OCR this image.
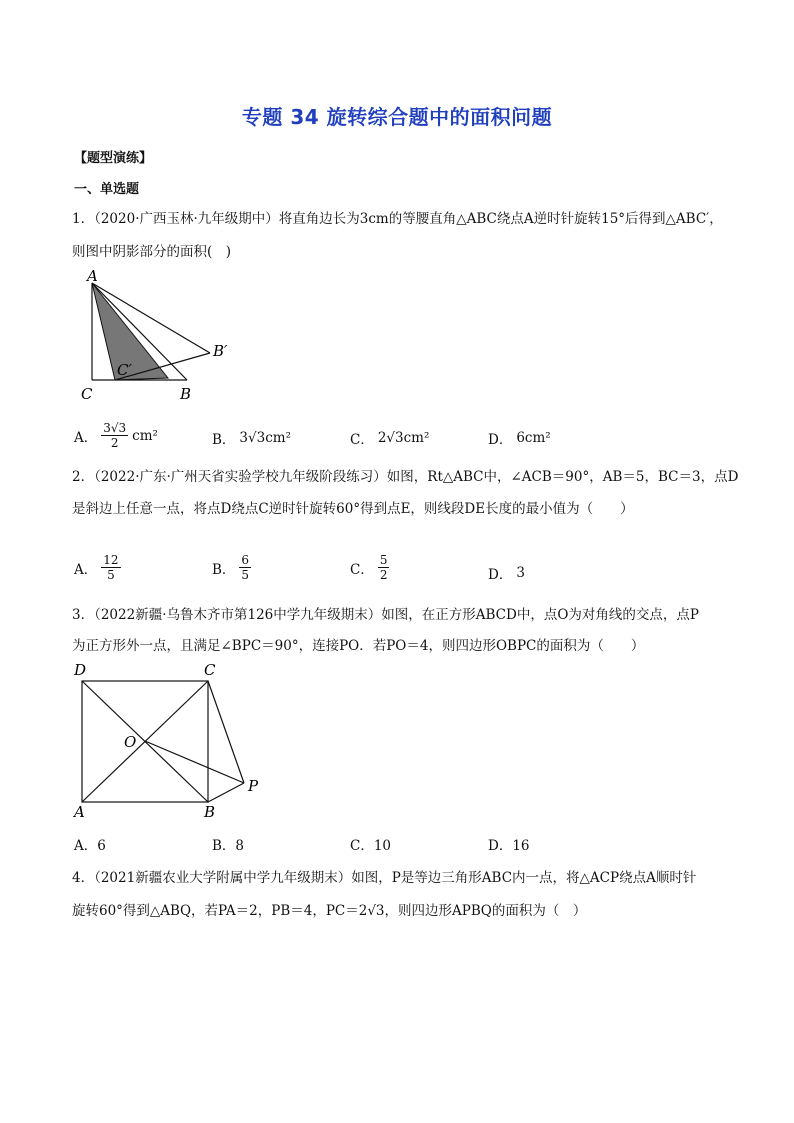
专题 34 旋转综合题中的面积问题
【题型演练】
一、单选题
1．（2020·广西玉林·九年级期中）将直角边长为3cm的等腰直角△ABC绕点A逆时针旋转15°后得到△ABC′，
则图中阴影部分的面积(　)
A
C	B
B′
C′
A． $\frac{3√3}{2} cm^2$	B． 3√3cm²	C． 2√3cm²	D． 6cm²
2．（2022·广东·广州天省实验学校九年级阶段练习）如图，Rt△ABC中，∠ACB＝90°，AB＝5，BC＝3，点D
是斜边上任意一点，将点D绕点C逆时针旋转60°得到点E，则线段DE长度的最小值为（　　）
A． $\frac{12}{5}$	B． $\frac{6}{5}$	C． $\frac{5}{2}$	D． 3
3．（2022新疆·乌鲁木齐市第126中学九年级期末）如图，在正方形ABCD中，点O为对角线的交点，点P
为正方形外一点，且满足∠BPC＝90°，连接PO．若PO＝4，则四边形OBPC的面积为（　　）
D	C
A	B
O
P
A．6	B．8	C．10	D．16
4．（2021新疆农业大学附属中学九年级期末）如图，P是等边三角形ABC内一点，将△ACP绕点A顺时针
旋转60°得到△ABQ，若PA＝2，PB＝4，PC＝2√3，则四边形APBQ的面积为（　）
